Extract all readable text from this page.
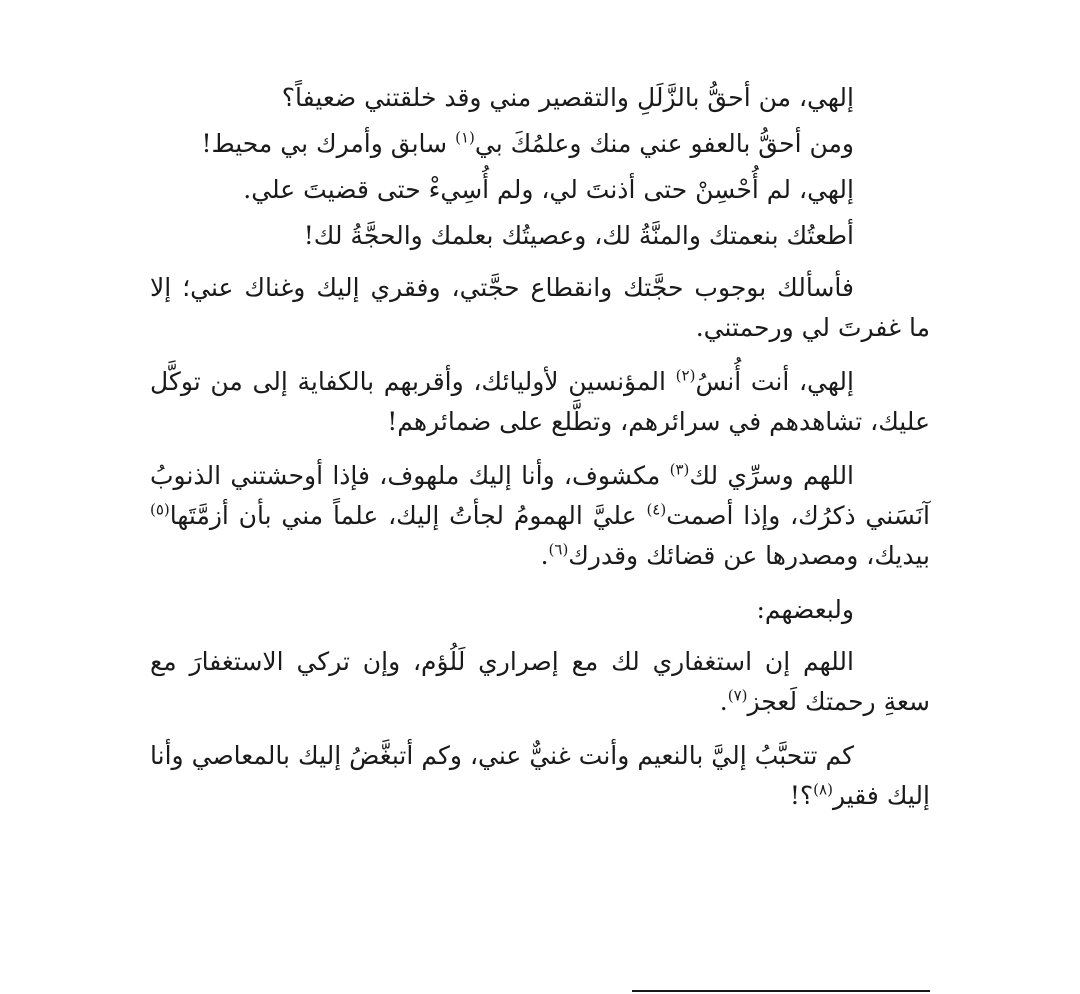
إلهي، من أحقُّ بالزَّلَلِ والتقصير مني وقد خلقتني ضعيفاً؟

ومن أحقُّ بالعفو عني منك وعلمُكَ بي$^{(١)}$ سابق وأمرك بي محيط!

إلهي، لم أُحْسِنْ حتى أذنتَ لي، ولم أُسِيءْ حتى قضيتَ علي.

أطعتُك بنعمتك والمنَّةُ لك، وعصيتُك بعلمك والحجَّةُ لك!

فأسألك بوجوب حجَّتك وانقطاع حجَّتي، وفقري إليك وغناك عني؛ إلا ما غفرتَ لي ورحمتني.

إلهي، أنت أُنسُ$^{(٢)}$ المؤنسين لأوليائك، وأقربهم بالكفاية إلى من توكَّل عليك، تشاهدهم في سرائرهم، وتطَّلع على ضمائرهم!

اللهم وسرِّي لك$^{(٣)}$ مكشوف، وأنا إليك ملهوف، فإذا أوحشتني الذنوبُ آنَسَني ذكرُك، وإذا أصمت$^{(٤)}$ عليَّ الهمومُ لجأتُ إليك، علماً مني بأن أزمَّتَها$^{(٥)}$ بيديك، ومصدرها عن قضائك وقدرك$^{(٦)}$.

ولبعضهم:

اللهم إن استغفاري لك مع إصراري لَلُؤم، وإن تركي الاستغفارَ مع سعةِ رحمتك لَعجز$^{(٧)}$.

كم تتحبَّبُ إليَّ بالنعيم وأنت غنيٌّ عني، وكم أتبغَّضُ إليك بالمعاصي وأنا إليك فقير$^{(٨)}$؟!
